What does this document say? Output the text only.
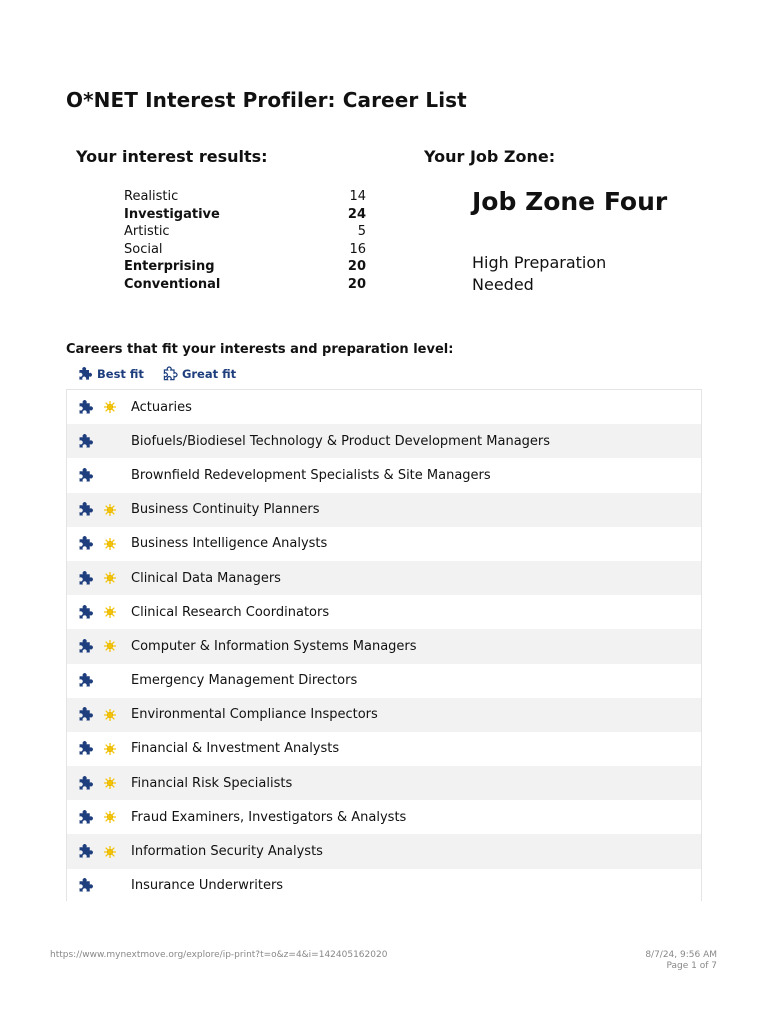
O*NET Interest Profiler: Career List
Your interest results:	Your Job Zone:
Realistic	14
Investigative	24
Artistic	5
Social	16
Enterprising	20
Conventional	20
Job Zone Four
High Preparation Needed
Careers that fit your interests and preparation level:
Best fit	Great fit
Actuaries
Biofuels/Biodiesel Technology & Product Development Managers
Brownfield Redevelopment Specialists & Site Managers
Business Continuity Planners
Business Intelligence Analysts
Clinical Data Managers
Clinical Research Coordinators
Computer & Information Systems Managers
Emergency Management Directors
Environmental Compliance Inspectors
Financial & Investment Analysts
Financial Risk Specialists
Fraud Examiners, Investigators & Analysts
Information Security Analysts
Insurance Underwriters
https://www.mynextmove.org/explore/ip-print?t=o&z=4&i=142405162020	8/7/24, 9:56 AM
Page 1 of 7
